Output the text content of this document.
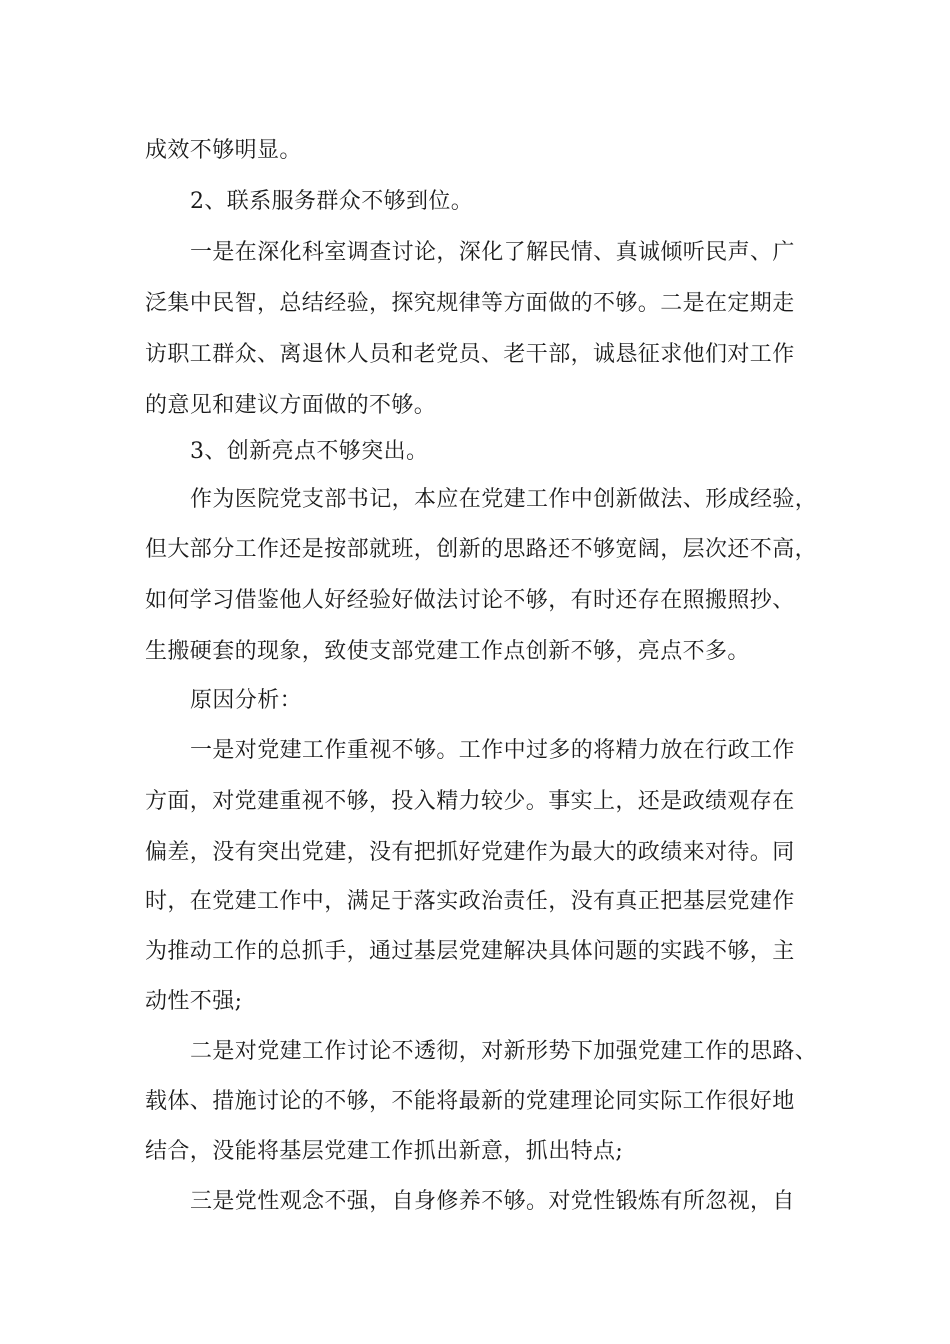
成效不够明显。
2、联系服务群众不够到位。
一是在深化科室调查讨论，深化了解民情、真诚倾听民声、广
泛集中民智，总结经验，探究规律等方面做的不够。二是在定期走
访职工群众、离退休人员和老党员、老干部，诚恳征求他们对工作
的意见和建议方面做的不够。
3、创新亮点不够突出。
作为医院党支部书记，本应在党建工作中创新做法、形成经验，
但大部分工作还是按部就班，创新的思路还不够宽阔，层次还不高，
如何学习借鉴他人好经验好做法讨论不够，有时还存在照搬照抄、
生搬硬套的现象，致使支部党建工作点创新不够，亮点不多。
原因分析：
一是对党建工作重视不够。工作中过多的将精力放在行政工作
方面，对党建重视不够，投入精力较少。事实上，还是政绩观存在
偏差，没有突出党建，没有把抓好党建作为最大的政绩来对待。同
时，在党建工作中，满足于落实政治责任，没有真正把基层党建作
为推动工作的总抓手，通过基层党建解决具体问题的实践不够，主
动性不强;
二是对党建工作讨论不透彻，对新形势下加强党建工作的思路、
载体、措施讨论的不够，不能将最新的党建理论同实际工作很好地
结合，没能将基层党建工作抓出新意，抓出特点;
三是党性观念不强，自身修养不够。对党性锻炼有所忽视，自
